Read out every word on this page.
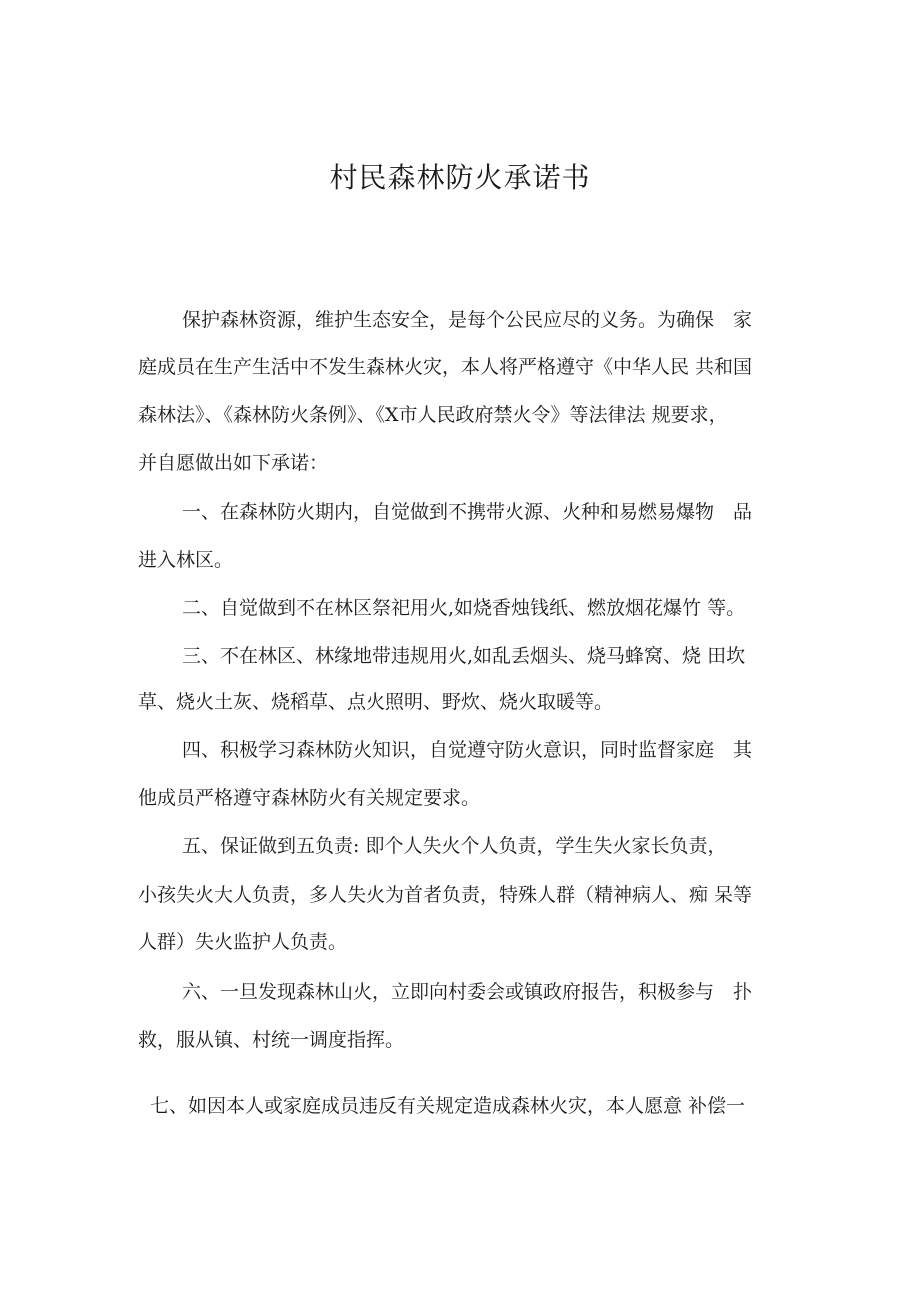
村民森林防火承诺书
保护森林资源，维护生态安全，是每个公民应尽的义务。为确保　家
庭成员在生产生活中不发生森林火灾，本人将严格遵守《中华人民 共和国
森林法》、《森林防火条例》、《X市人民政府禁火令》等法律法 规要求，
并自愿做出如下承诺：
一、在森林防火期内，自觉做到不携带火源、火种和易燃易爆物　品
进入林区。
二、自觉做到不在林区祭祀用火,如烧香烛钱纸、燃放烟花爆竹 等。
三、不在林区、林缘地带违规用火,如乱丢烟头、烧马蜂窝、烧 田坎
草、烧火土灰、烧稻草、点火照明、野炊、烧火取暖等。
四、积极学习森林防火知识，自觉遵守防火意识，同时监督家庭　其
他成员严格遵守森林防火有关规定要求。
五、保证做到五负责: 即个人失火个人负责，学生失火家长负责，
小孩失火大人负责，多人失火为首者负责，特殊人群（精神病人、痴 呆等
人群）失火监护人负责。
六、一旦发现森林山火，立即向村委会或镇政府报告，积极参与　扑
救，服从镇、村统一调度指挥。
七、如因本人或家庭成员违反有关规定造成森林火灾，本人愿意 补偿一
